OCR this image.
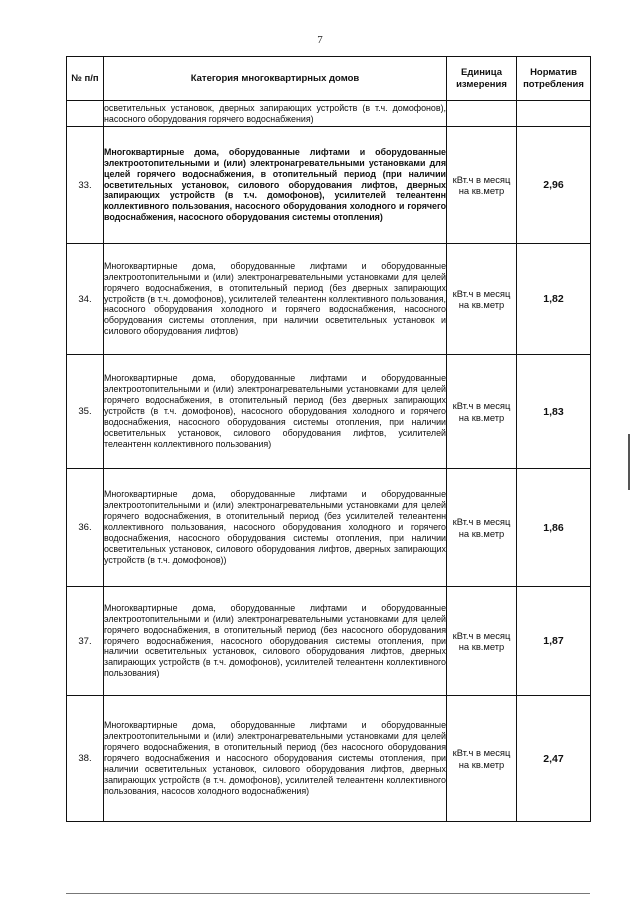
7
№ п/п	Категория многоквартирных домов	Единица измерения	Норматив потребления
	осветительных установок, дверных запирающих устройств (в т.ч. домофонов), насосного оборудования горячего водоснабжения)		
33.	Многоквартирные дома, оборудованные лифтами и оборудованные электроотопительными и (или) электронагревательными установками для целей горячего водоснабжения, в отопительный период (при наличии осветительных установок, силового оборудования лифтов, дверных запирающих устройств (в т.ч. домофонов), усилителей телеантенн коллективного пользования, насосного оборудования холодного и горячего водоснабжения, насосного оборудования системы отопления)	кВт.ч в месяц на кв.метр	2,96
34.	Многоквартирные дома, оборудованные лифтами и оборудованные электроотопительными и (или) электронагревательными установками для целей горячего водоснабжения, в отопительный период (без дверных запирающих устройств (в т.ч. домофонов), усилителей телеантенн коллективного пользования, насосного оборудования холодного и горячего водоснабжения, насосного оборудования системы отопления, при наличии осветительных установок и силового оборудования лифтов)	кВт.ч в месяц на кв.метр	1,82
35.	Многоквартирные дома, оборудованные лифтами и оборудованные электроотопительными и (или) электронагревательными установками для целей горячего водоснабжения, в отопительный период (без дверных запирающих устройств (в т.ч. домофонов), насосного оборудования холодного и горячего водоснабжения, насосного оборудования системы отопления, при наличии осветительных установок, силового оборудования лифтов, усилителей телеантенн коллективного пользования)	кВт.ч в месяц на кв.метр	1,83
36.	Многоквартирные дома, оборудованные лифтами и оборудованные электроотопительными и (или) электронагревательными установками для целей горячего водоснабжения, в отопительный период (без усилителей телеантенн коллективного пользования, насосного оборудования холодного и горячего водоснабжения, насосного оборудования системы отопления, при наличии осветительных установок, силового оборудования лифтов, дверных запирающих устройств (в т.ч. домофонов))	кВт.ч в месяц на кв.метр	1,86
37.	Многоквартирные дома, оборудованные лифтами и оборудованные электроотопительными и (или) электронагревательными установками для целей горячего водоснабжения, в отопительный период (без насосного оборудования горячего водоснабжения, насосного оборудования системы отопления, при наличии осветительных установок, силового оборудования лифтов, дверных запирающих устройств (в т.ч. домофонов), усилителей телеантенн коллективного пользования)	кВт.ч в месяц на кв.метр	1,87
38.	Многоквартирные дома, оборудованные лифтами и оборудованные электроотопительными и (или) электронагревательными установками для целей горячего водоснабжения, в отопительный период (без насосного оборудования горячего водоснабжения и насосного оборудования системы отопления, при наличии осветительных установок, силового оборудования лифтов, дверных запирающих устройств (в т.ч. домофонов), усилителей телеантенн коллективного пользования, насосов холодного водоснабжения)	кВт.ч в месяц на кв.метр	2,47
